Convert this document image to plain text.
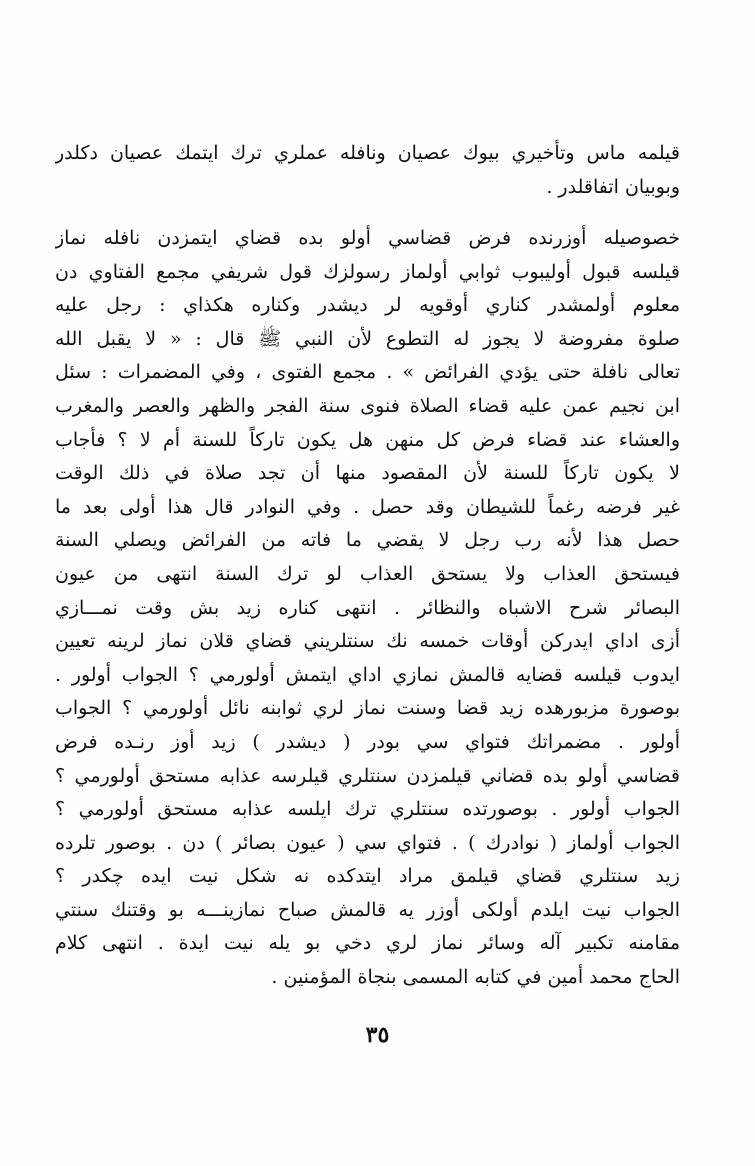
قيلمه ماس وتأخيري بيوك عصيان ونافله عملري ترك ايتمك عصيان دكلدر
وبوبيان اتفاقلدر .
خصوصيله أوزرنده فرض قضاسي أولو بده قضاي ايتمزدن نافله نماز
قيلسه قبول أوليبوب ثوابي أولماز رسولزك قول شريفي مجمع الفتاوي دن
معلوم أولمشدر كناري أوقويه لر ديشدر وكناره هكذاي : رجل عليه
صلوة مفروضة لا يجوز له التطوع لأن النبي ﷺ قال : « لا يقبل الله
تعالى نافلة حتى يؤدي الفرائض » . مجمع الفتوى ، وفي المضمرات : سئل
ابن نجيم عمن عليه قضاء الصلاة فنوى سنة الفجر والظهر والعصر والمغرب
والعشاء عند قضاء فرض كل منهن هل يكون تاركاً للسنة أم لا ؟ فأجاب
لا يكون تاركاً للسنة لأن المقصود منها أن تجد صلاة في ذلك الوقت
غير فرضه رغماً للشيطان وقد حصل . وفي النوادر قال هذا أولى بعد ما
حصل هذا لأنه رب رجل لا يقضي ما فاته من الفرائض ويصلي السنة
فيستحق العذاب ولا يستحق العذاب لو ترك السنة انتهى من عيون
البصائر شرح الاشباه والنظائر . انتهى كناره زيد بش وقت نمـــازي
أزى اداي ايدركن أوقات خمسه نك سنتلريني قضاي قلان نماز لرينه تعيين
ايدوب قيلسه قضايه قالمش نمازي اداي ايتمش أولورمي ؟ الجواب أولور .
بوصورة مزبورهده زيد قضا وسنت نماز لري ثوابنه نائل أولورمي ؟ الجواب
أولور . مضمراتك فتواي سي بودر ( ديشدر ) زيد أوز رنـده فرض
قضاسي أولو بده قضاني قيلمزدن سنتلري قيلرسه عذابه مستحق أولورمي ؟
الجواب أولور . بوصورتده سنتلري ترك ايلسه عذابه مستحق أولورمي ؟
الجواب أولماز ( نوادرك ) . فتواي سي ( عيون بصائر ) دن . بوصور تلرده
زيد سنتلري قضاي قيلمق مراد ايتدكده نه شكل نيت ايده چكدر ؟
الجواب نيت ايلدم أولكى أوزر يه قالمش صباح نمازينـــه بو وقتنك سنتي
مقامنه تكبير آله وسائر نماز لري دخي بو يله نيت ايدة . انتهى كلام
الحاج محمد أمين في كتابه المسمى بنجاة المؤمنين .
٣٥
